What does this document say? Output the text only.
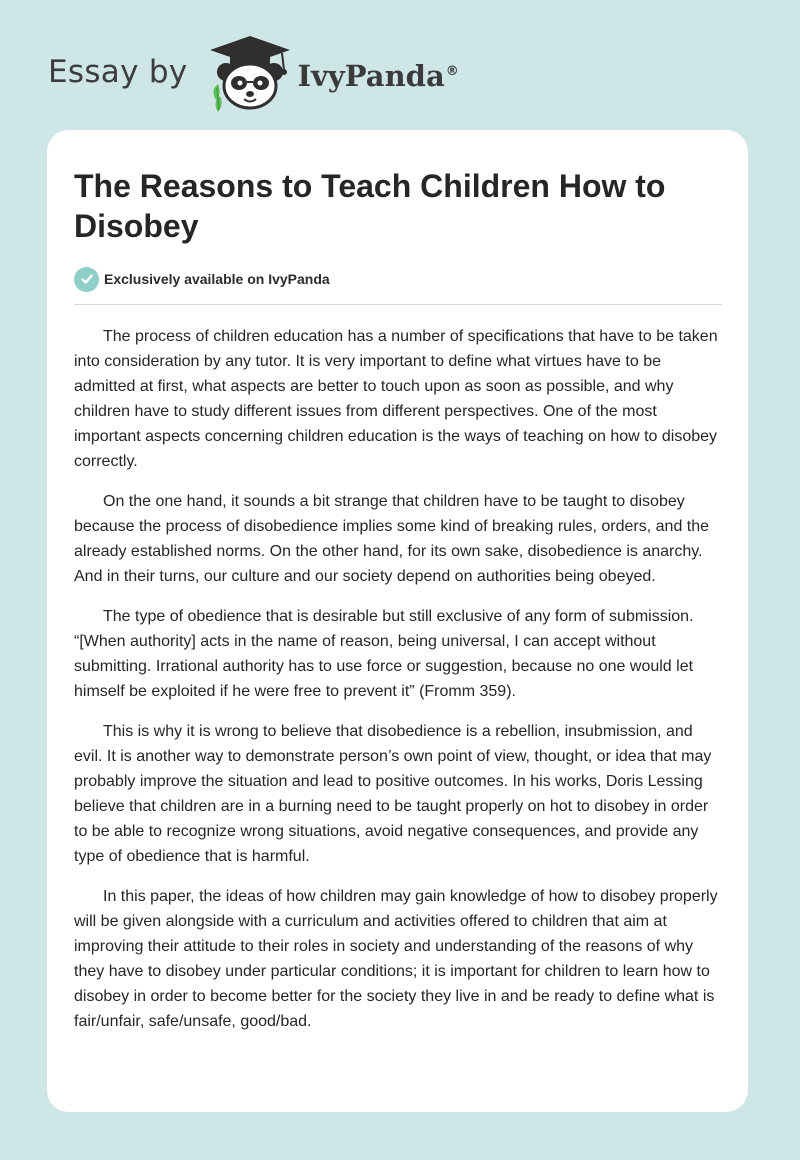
Essay by	IvyPanda®
The Reasons to Teach Children How to Disobey
Exclusively available on IvyPanda

The process of children education has a number of specifications that have to be taken into consideration by any tutor. It is very important to define what virtues have to be admitted at first, what aspects are better to touch upon as soon as possible, and why children have to study different issues from different perspectives. One of the most important aspects concerning children education is the ways of teaching on how to disobey correctly.

On the one hand, it sounds a bit strange that children have to be taught to disobey because the process of disobedience implies some kind of breaking rules, orders, and the already established norms. On the other hand, for its own sake, disobedience is anarchy. And in their turns, our culture and our society depend on authorities being obeyed.

The type of obedience that is desirable but still exclusive of any form of submission. “[When authority] acts in the name of reason, being universal, I can accept without submitting. Irrational authority has to use force or suggestion, because no one would let himself be exploited if he were free to prevent it” (Fromm 359).

This is why it is wrong to believe that disobedience is a rebellion, insubmission, and evil. It is another way to demonstrate person’s own point of view, thought, or idea that may probably improve the situation and lead to positive outcomes. In his works, Doris Lessing believe that children are in a burning need to be taught properly on hot to disobey in order to be able to recognize wrong situations, avoid negative consequences, and provide any type of obedience that is harmful.

In this paper, the ideas of how children may gain knowledge of how to disobey properly will be given alongside with a curriculum and activities offered to children that aim at improving their attitude to their roles in society and understanding of the reasons of why they have to disobey under particular conditions; it is important for children to learn how to disobey in order to become better for the society they live in and be ready to define what is fair/unfair, safe/unsafe, good/bad.
